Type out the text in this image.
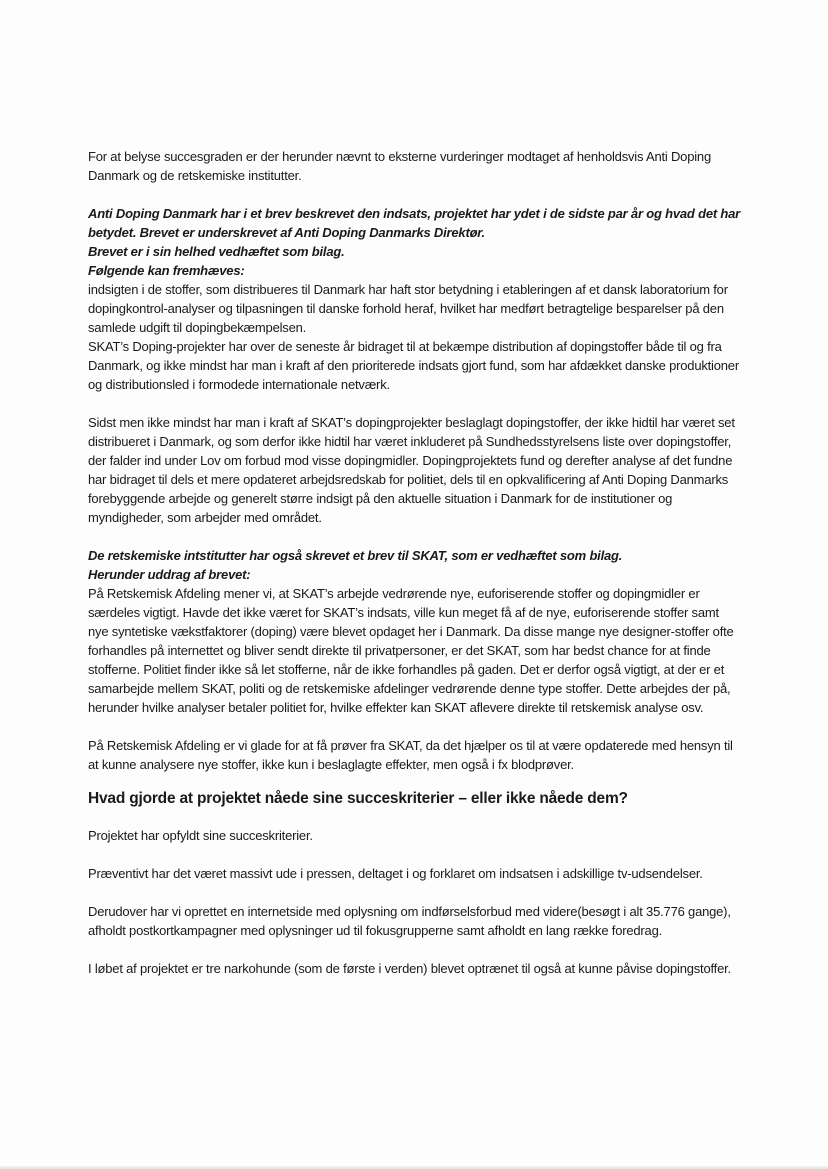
For at belyse succesgraden er der herunder nævnt to eksterne vurderinger modtaget af henholdsvis Anti Doping Danmark og de retskemiske institutter.

Anti Doping Danmark har i et brev beskrevet den indsats, projektet har ydet i de sidste par år og hvad det har betydet. Brevet er underskrevet af Anti Doping Danmarks Direktør.

Brevet er i sin helhed vedhæftet som bilag.

Følgende kan fremhæves:

indsigten i de stoffer, som distribueres til Danmark har haft stor betydning i etableringen af et dansk laboratorium for dopingkontrol-analyser og tilpasningen til danske forhold heraf, hvilket har medført betragtelige besparelser på den samlede udgift til dopingbekæmpelsen.

SKAT’s Doping-projekter har over de seneste år bidraget til at bekæmpe distribution af dopingstoffer både til og fra Danmark, og ikke mindst har man i kraft af den prioriterede indsats gjort fund, som har afdækket danske produktioner og distributionsled i formodede internationale netværk.

Sidst men ikke mindst har man i kraft af SKAT’s dopingprojekter beslaglagt dopingstoffer, der ikke hidtil har været set distribueret i Danmark, og som derfor ikke hidtil har været inkluderet på Sundhedsstyrelsens liste over dopingstoffer, der falder ind under Lov om forbud mod visse dopingmidler. Dopingprojektets fund og derefter analyse af det fundne har bidraget til dels et mere opdateret arbejdsredskab for politiet, dels til en opkvalificering af Anti Doping Danmarks forebyggende arbejde og generelt større indsigt på den aktuelle situation i Danmark for de institutioner og myndigheder, som arbejder med området.

De retskemiske intstitutter har også skrevet et brev til SKAT, som er vedhæftet som bilag.

Herunder uddrag af brevet:

På Retskemisk Afdeling mener vi, at SKAT’s arbejde vedrørende nye, euforiserende stoffer og dopingmidler er særdeles vigtigt. Havde det ikke været for SKAT’s indsats, ville kun meget få af de nye, euforiserende stoffer samt nye syntetiske vækstfaktorer (doping) være blevet opdaget her i Danmark. Da disse mange nye designer-stoffer ofte forhandles på internettet og bliver sendt direkte til privatpersoner, er det SKAT, som har bedst chance for at finde stofferne. Politiet finder ikke så let stofferne, når de ikke forhandles på gaden. Det er derfor også vigtigt, at der er et samarbejde mellem SKAT, politi og de retskemiske afdelinger vedrørende denne type stoffer. Dette arbejdes der på, herunder hvilke analyser betaler politiet for, hvilke effekter kan SKAT aflevere direkte til retskemisk analyse osv.

På Retskemisk Afdeling er vi glade for at få prøver fra SKAT, da det hjælper os til at være opdaterede med hensyn til at kunne analysere nye stoffer, ikke kun i beslaglagte effekter, men også i fx blodprøver.

Hvad gjorde at projektet nåede sine succeskriterier – eller ikke nåede dem?

Projektet har opfyldt sine succeskriterier.

Præventivt har det været massivt ude i pressen, deltaget i og forklaret om indsatsen i adskillige tv-udsendelser.

Derudover har vi oprettet en internetside med oplysning om indførselsforbud med videre(besøgt i alt 35.776 gange), afholdt postkortkampagner med oplysninger ud til fokusgrupperne samt afholdt en lang række foredrag.

I løbet af projektet er tre narkohunde (som de første i verden) blevet optrænet til også at kunne påvise dopingstoffer.
